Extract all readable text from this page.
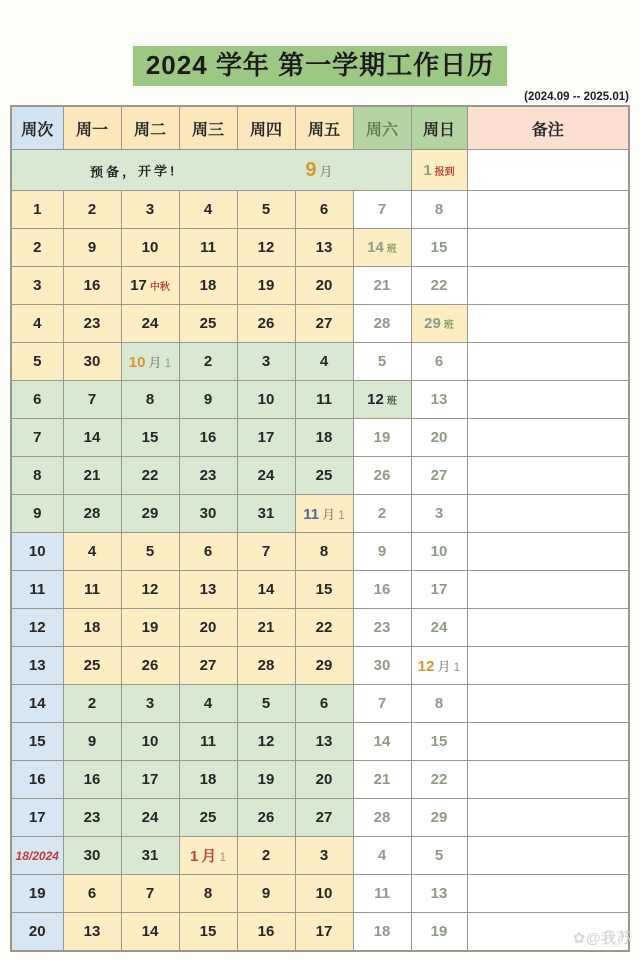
2024 学年 第一学期工作日历
(2024.09 -- 2025.01)
周次	周一	周二	周三	周四	周五	周六	周日	备注

预备，开学! 9 月							1 报到	
1	2	3	4	5	6	7	8	
2	9	10	11	12	13	14 班	15	
3	16	17 中秋	18	19	20	21	22	
4	23	24	25	26	27	28	29 班	
5	30	10 月 1	2	3	4	5	6	
6	7	8	9	10	11	12 班	13	
7	14	15	16	17	18	19	20	
8	21	22	23	24	25	26	27	
9	28	29	30	31	11 月 1	2	3	
10	4	5	6	7	8	9	10	
11	11	12	13	14	15	16	17	
12	18	19	20	21	22	23	24	
13	25	26	27	28	29	30	12 月 1	
14	2	3	4	5	6	7	8	
15	9	10	11	12	13	14	15	
16	16	17	18	19	20	21	22	
17	23	24	25	26	27	28	29	
18/2024	30	31	1 月 1	2	3	4	5	
19	6	7	8	9	10	11	13	
20	13	14	15	16	17	18	19		✿@我苏
